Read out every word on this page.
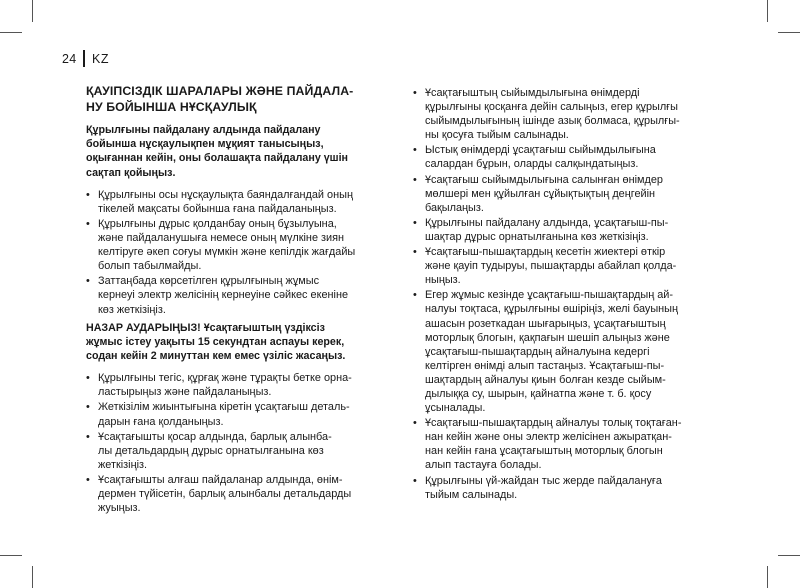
24 KZ
ҚАУІПСІЗДІК ШАРАЛАРЫ ЖӘНЕ ПАЙДАЛА-
НУ БОЙЫНША НҰСҚАУЛЫҚ

Құрылғыны пайдалану алдында пайдалану
бойынша нұсқаулықпен мұқият танысыңыз,
оқығаннан кейін, оны болашақта пайдалану үшін
сақтап қойыңыз.

• Құрылғыны осы нұсқаулықта баяндалғандай оның
тікелей мақсаты бойынша ғана пайдаланыңыз.
• Құрылғыны дұрыс қолданбау оның бұзылуына,
және пайдаланушыға немесе оның мүлкіне зиян
келтіруге әкеп соғуы мүмкін және кепілдік жағдайы
болып табылмайды.
• Заттаңбада көрсетілген құрылғының жұмыс
кернеуі электр желісінің кернеуіне сәйкес екеніне
көз жеткізіңіз.

НАЗАР АУДАРЫҢЫЗ! Ұсақтағыштың үздіксіз
жұмыс істеу уақыты 15 секундтан аспауы керек,
содан кейін 2 минуттан кем емес үзіліс жасаңыз.

• Құрылғыны тегіс, құрғақ және тұрақты бетке орна-
ластырыңыз және пайдаланыңыз.
• Жеткізілім жиынтығына кіретін ұсақтағыш деталь-
дарын ғана қолданыңыз.
• Ұсақтағышты қосар алдында, барлық алынба-
лы детальдардың дұрыс орнатылғанына көз
жеткізіңіз.
• Ұсақтағышты алғаш пайдаланар алдында, өнім-
дермен түйісетін, барлық алынбалы детальдарды
жуыңыз.
• Ұсақтағыштың сыйымдылығына өнімдерді
құрылғыны қосқанға дейін салыңыз, егер құрылғы
сыйымдылығының ішінде азық болмаса, құрылғы-
ны қосуға тыйым салынады.
• Ыстық өнімдерді ұсақтағыш сыйымдылығына
салардан бұрын, оларды салқындатыңыз.
• Ұсақтағыш сыйымдылығына салынған өнімдер
мөлшері мен құйылған сұйықтықтың деңгейін
бақылаңыз.
• Құрылғыны пайдалану алдында, ұсақтағыш-пы-
шақтар дұрыс орнатылғанына көз жеткізіңіз.
• Ұсақтағыш-пышақтардың кесетін жиектері өткір
және қауіп тудыруы, пышақтарды абайлап қолда-
ныңыз.
• Егер жұмыс кезінде ұсақтағыш-пышақтардың ай-
налуы тоқтаса, құрылғыны өшіріңіз, желі бауының
ашасын розеткадан шығарыңыз, ұсақтағыштың
моторлық блогын, қақпағын шешіп алыңыз және
ұсақтағыш-пышақтардың айналуына кедергі
келтірген өнімді алып тастаңыз. Ұсақтағыш-пы-
шақтардың айналуы қиын болған кезде сыйым-
дылыққа су, шырын, қайнатпа және т. б. қосу
ұсыналады.
• Ұсақтағыш-пышақтардың айналуы толық тоқтаған-
нан кейін және оны электр желісінен ажыратқан-
нан кейін ғана ұсақтағыштың моторлық блогын
алып тастауға болады.
• Құрылғыны үй-жайдан тыс жерде пайдалануға
тыйым салынады.
